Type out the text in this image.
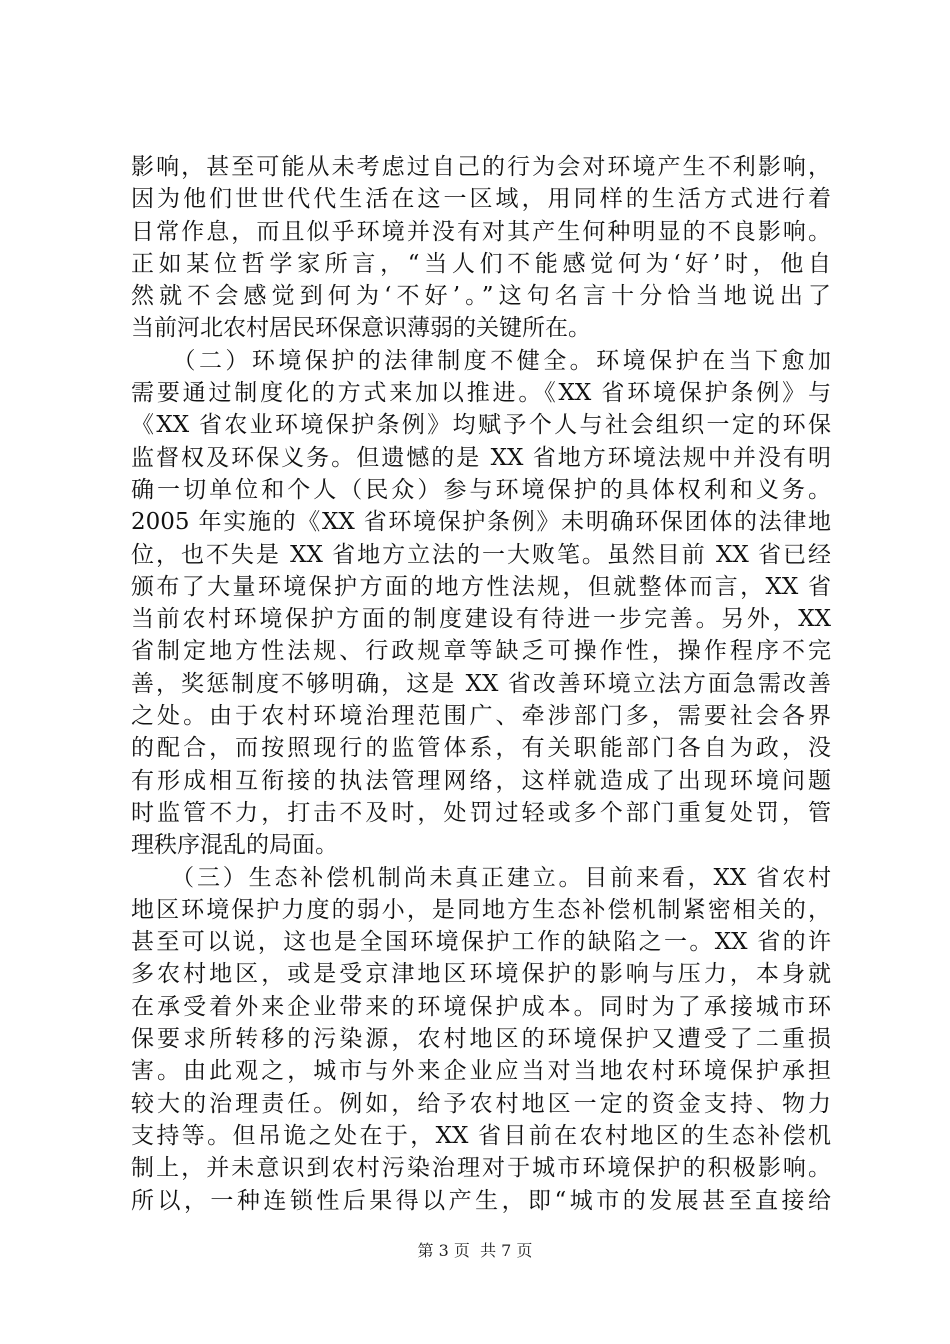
影响，甚至可能从未考虑过自己的行为会对环境产生不利影响，
因为他们世世代代生活在这一区域，用同样的生活方式进行着
日常作息，而且似乎环境并没有对其产生何种明显的不良影响。
正如某位哲学家所言，“当人们不能感觉何为‘好’时，他自
然就不会感觉到何为‘不好’。”这句名言十分恰当地说出了
当前河北农村居民环保意识薄弱的关键所在。
　　（二）环境保护的法律制度不健全。环境保护在当下愈加
需要通过制度化的方式来加以推进。《XX 省环境保护条例》与
《XX 省农业环境保护条例》均赋予个人与社会组织一定的环保
监督权及环保义务。但遗憾的是 XX 省地方环境法规中并没有明
确一切单位和个人（民众）参与环境保护的具体权利和义务。
2005 年实施的《XX 省环境保护条例》未明确环保团体的法律地
位，也不失是 XX 省地方立法的一大败笔。虽然目前 XX 省已经
颁布了大量环境保护方面的地方性法规，但就整体而言，XX 省
当前农村环境保护方面的制度建设有待进一步完善。另外，XX
省制定地方性法规、行政规章等缺乏可操作性，操作程序不完
善，奖惩制度不够明确，这是 XX 省改善环境立法方面急需改善
之处。由于农村环境治理范围广、牵涉部门多，需要社会各界
的配合，而按照现行的监管体系，有关职能部门各自为政，没
有形成相互衔接的执法管理网络，这样就造成了出现环境问题
时监管不力，打击不及时，处罚过轻或多个部门重复处罚，管
理秩序混乱的局面。
　　（三）生态补偿机制尚未真正建立。目前来看，XX 省农村
地区环境保护力度的弱小，是同地方生态补偿机制紧密相关的，
甚至可以说，这也是全国环境保护工作的缺陷之一。XX 省的许
多农村地区，或是受京津地区环境保护的影响与压力，本身就
在承受着外来企业带来的环境保护成本。同时为了承接城市环
保要求所转移的污染源，农村地区的环境保护又遭受了二重损
害。由此观之，城市与外来企业应当对当地农村环境保护承担
较大的治理责任。例如，给予农村地区一定的资金支持、物力
支持等。但吊诡之处在于，XX 省目前在农村地区的生态补偿机
制上，并未意识到农村污染治理对于城市环境保护的积极影响。
所以，一种连锁性后果得以产生，即“城市的发展甚至直接给
第 3 页  共 7 页
